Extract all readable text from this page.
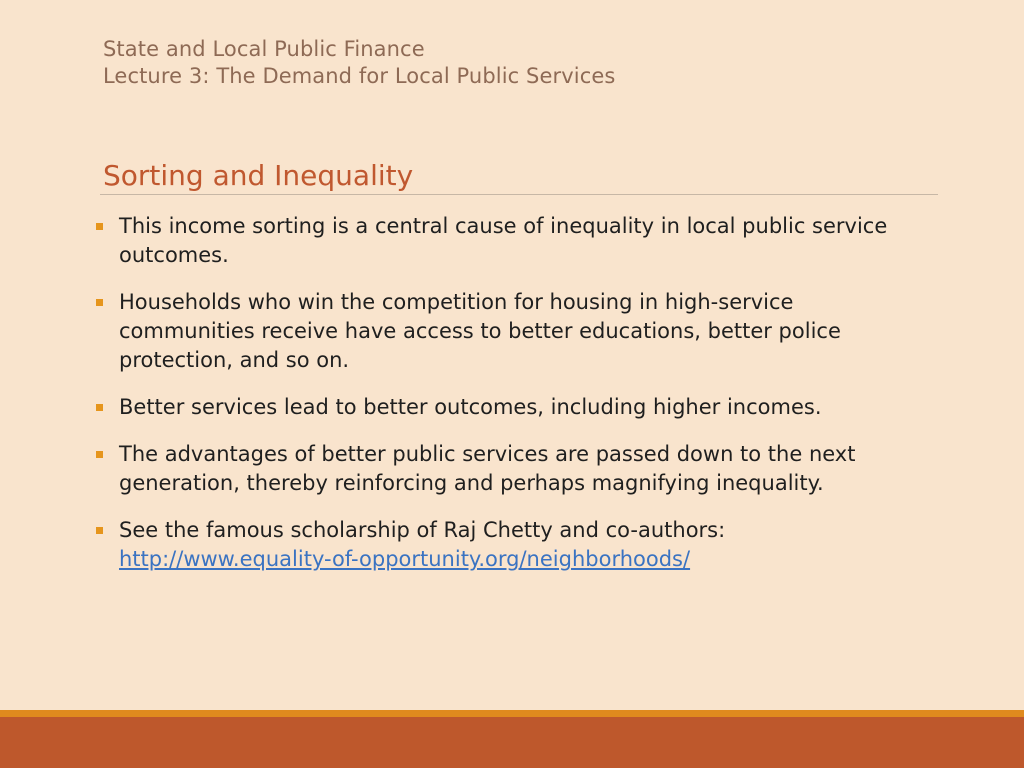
State and Local Public Finance
Lecture 3: The Demand for Local Public Services
Sorting and Inequality
This income sorting is a central cause of inequality in local public service outcomes.
Households who win the competition for housing in high-service communities receive have access to better educations, better police protection, and so on.
Better services lead to better outcomes, including higher incomes.
The advantages of better public services are passed down to the next generation, thereby reinforcing and perhaps magnifying inequality.
See the famous scholarship of Raj Chetty and co-authors:
http://www.equality-of-opportunity.org/neighborhoods/
